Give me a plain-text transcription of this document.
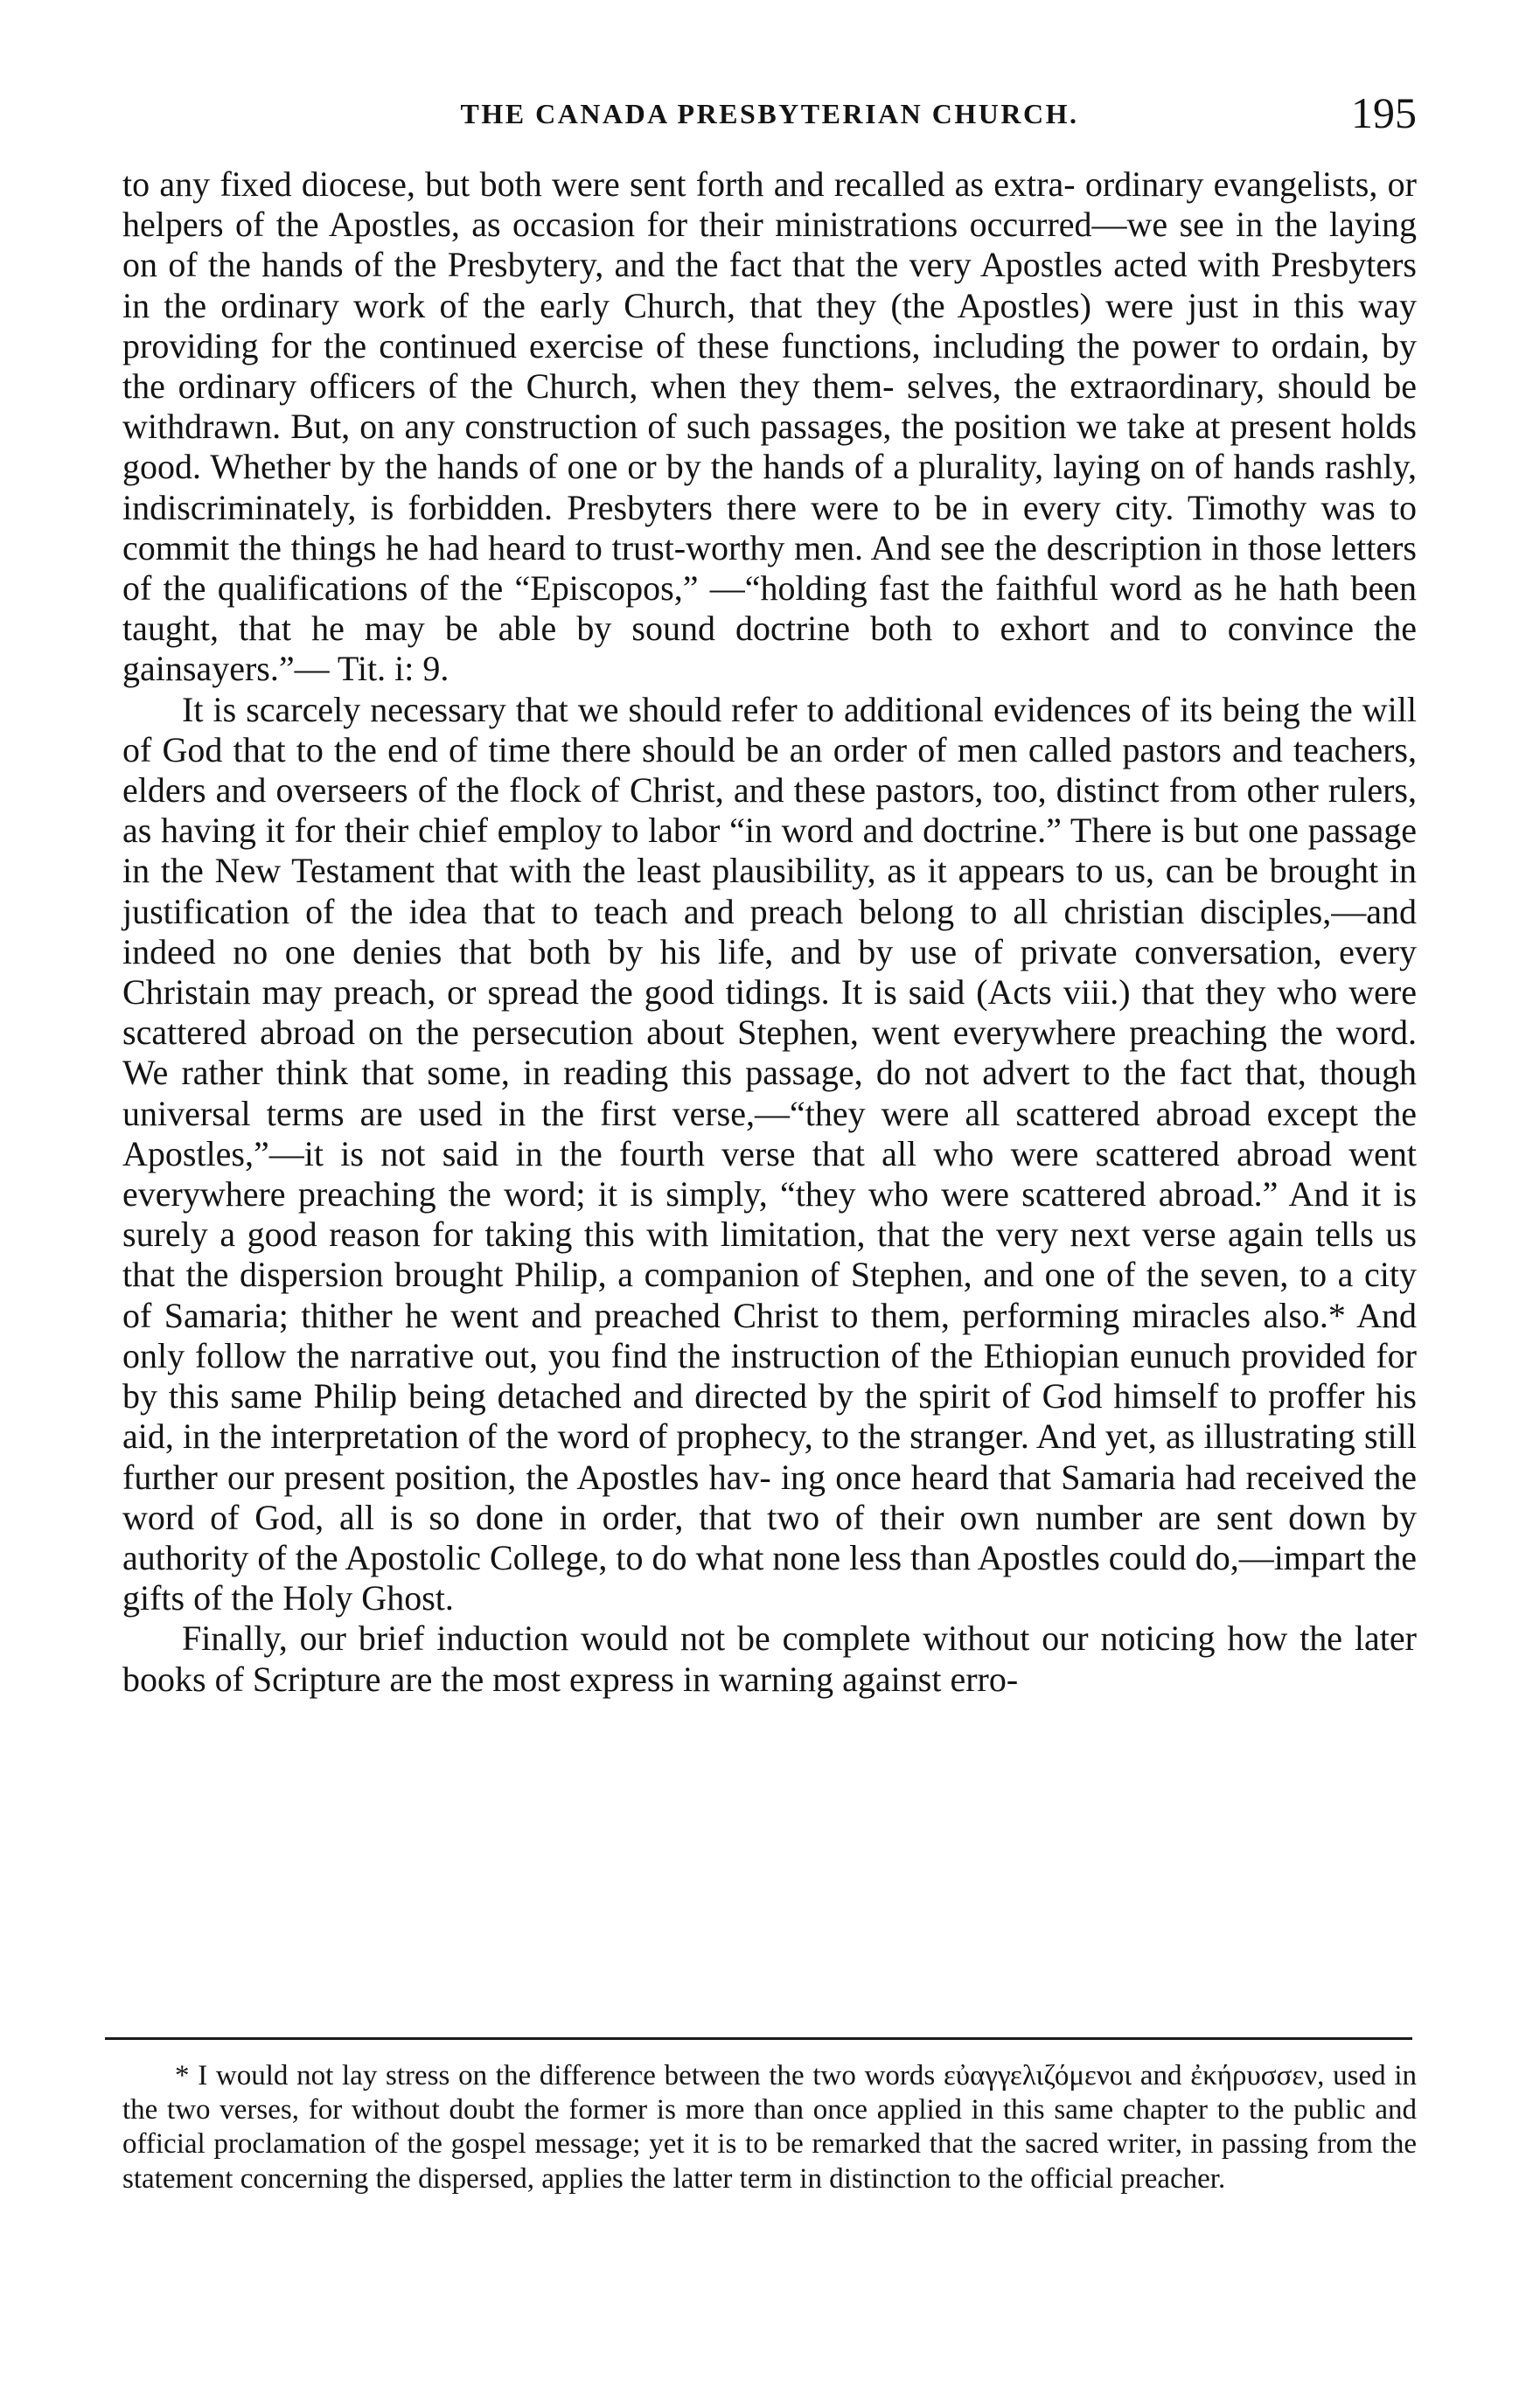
THE CANADA PRESBYTERIAN CHURCH.	195

to any fixed diocese, but both were sent forth and recalled as extra- ordinary evangelists, or helpers of the Apostles, as occasion for their ministrations occurred—we see in the laying on of the hands of the Presbytery, and the fact that the very Apostles acted with Presbyters in the ordinary work of the early Church, that they (the Apostles) were just in this way providing for the continued exercise of these functions, including the power to ordain, by the ordinary officers of the Church, when they them- selves, the extraordinary, should be withdrawn. But, on any construction of such passages, the position we take at present holds good. Whether by the hands of one or by the hands of a plurality, laying on of hands rashly, indiscriminately, is forbidden. Presbyters there were to be in every city. Timothy was to commit the things he had heard to trust-worthy men. And see the description in those letters of the qualifications of the “Episcopos,” —“holding fast the faithful word as he hath been taught, that he may be able by sound doctrine both to exhort and to convince the gainsayers.”— Tit. i: 9.

It is scarcely necessary that we should refer to additional evidences of its being the will of God that to the end of time there should be an order of men called pastors and teachers, elders and overseers of the flock of Christ, and these pastors, too, distinct from other rulers, as having it for their chief employ to labor “in word and doctrine.” There is but one passage in the New Testament that with the least plausibility, as it appears to us, can be brought in justification of the idea that to teach and preach belong to all christian disciples,—and indeed no one denies that both by his life, and by use of private conversation, every Christain may preach, or spread the good tidings. It is said (Acts viii.) that they who were scattered abroad on the persecution about Stephen, went everywhere preaching the word. We rather think that some, in reading this passage, do not advert to the fact that, though universal terms are used in the first verse,—“they were all scattered abroad except the Apostles,”—it is not said in the fourth verse that all who were scattered abroad went everywhere preaching the word; it is simply, “they who were scattered abroad.” And it is surely a good reason for taking this with limitation, that the very next verse again tells us that the dispersion brought Philip, a companion of Stephen, and one of the seven, to a city of Samaria; thither he went and preached Christ to them, performing miracles also.* And only follow the narrative out, you find the instruction of the Ethiopian eunuch provided for by this same Philip being detached and directed by the spirit of God himself to proffer his aid, in the interpretation of the word of prophecy, to the stranger. And yet, as illustrating still further our present position, the Apostles hav- ing once heard that Samaria had received the word of God, all is so done in order, that two of their own number are sent down by authority of the Apostolic College, to do what none less than Apostles could do,—impart the gifts of the Holy Ghost.

Finally, our brief induction would not be complete without our noticing how the later books of Scripture are the most express in warning against erro-

* I would not lay stress on the difference between the two words εὐαγγελιζόμενοι and ἐκήρυσσεν, used in the two verses, for without doubt the former is more than once applied in this same chapter to the public and official proclamation of the gospel message; yet it is to be remarked that the sacred writer, in passing from the statement concerning the dispersed, applies the latter term in distinction to the official preacher.
